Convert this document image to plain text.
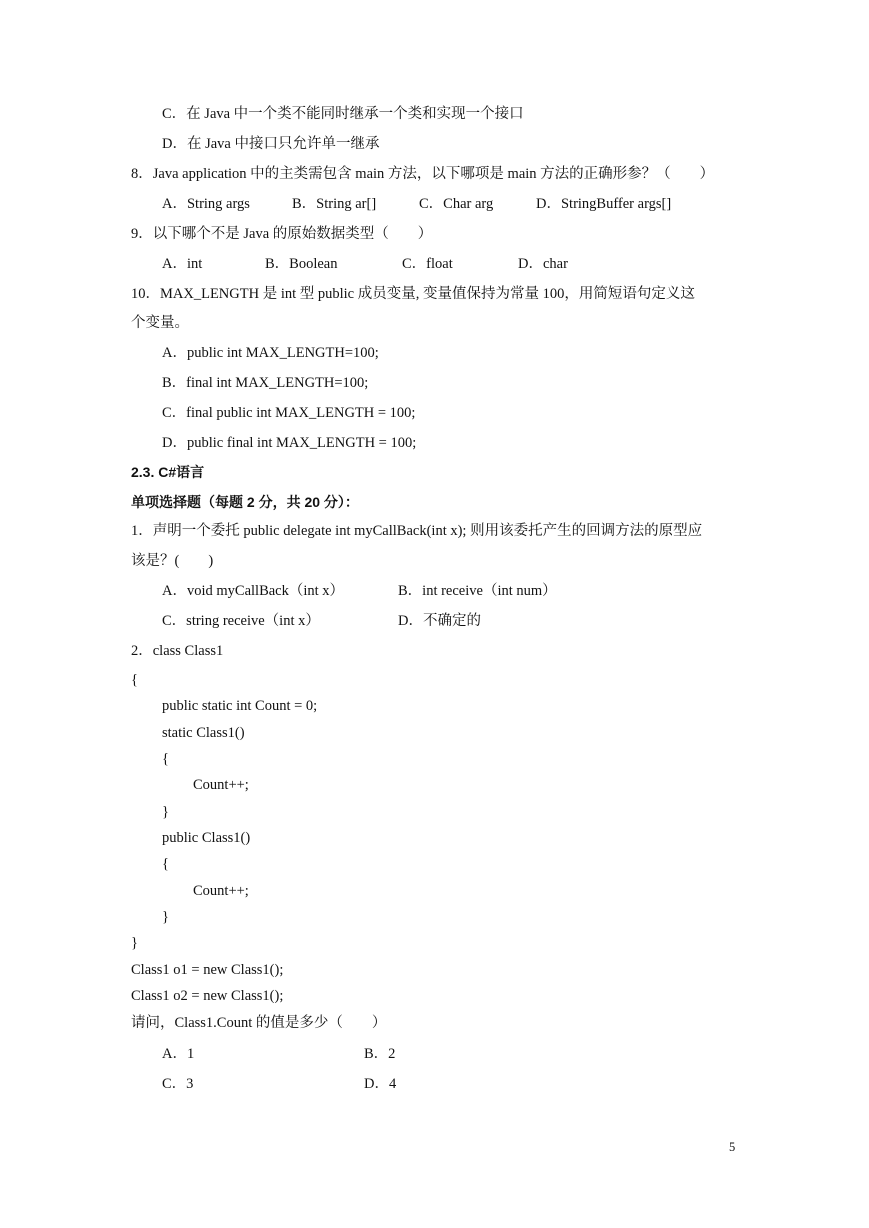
C．在 Java 中一个类不能同时继承一个类和实现一个接口
D．在 Java 中接口只允许单一继承
8．Java application 中的主类需包含 main 方法，以下哪项是 main 方法的正确形参？（　　）
A．String args	B．String ar[]	C．Char arg	D．StringBuffer args[]
9．以下哪个不是 Java 的原始数据类型（　　）
A．int	B．Boolean	C．float	D．char
10．MAX_LENGTH 是 int 型 public 成员变量, 变量值保持为常量 100，用简短语句定义这
个变量。
A．public int MAX_LENGTH=100;
B．final int MAX_LENGTH=100;
C．final public int MAX_LENGTH = 100;
D．public final int MAX_LENGTH = 100;
2.3. C#语言
单项选择题（每题 2 分，共 20 分）：
1．声明一个委托 public delegate int myCallBack(int x); 则用该委托产生的回调方法的原型应
该是？(　　)
A．void myCallBack（int x）	B．int receive（int num）
C．string receive（int x）	D．不确定的
2．class Class1
{
public static int Count = 0;
static Class1()
{
Count++;
}
public Class1()
{
Count++;
}
}
Class1 o1 = new Class1();
Class1 o2 = new Class1();
请问，Class1.Count 的值是多少（　　）
A．1	B．2
C．3	D．4
5
